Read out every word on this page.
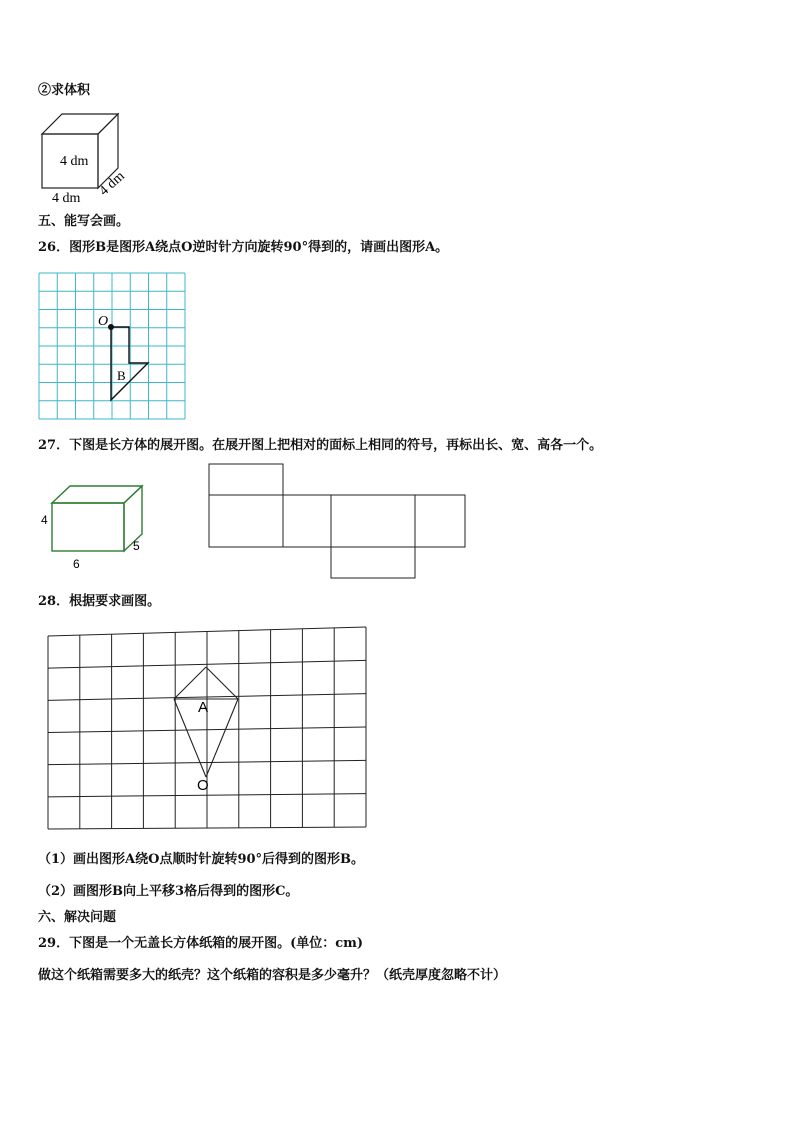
②求体积
4 dm
4 dm 4 dm
五、能写会画。
26．图形B是图形A绕点O逆时针方向旋转90°得到的，请画出图形A。
O
B
27．下图是长方体的展开图。在展开图上把相对的面标上相同的符号，再标出长、宽、高各一个。
4
6
5
28．根据要求画图。
A
O
（1）画出图形A绕O点顺时针旋转90°后得到的图形B。
（2）画图形B向上平移3格后得到的图形C。
六、解决问题
29．下图是一个无盖长方体纸箱的展开图。(单位：cm)
做这个纸箱需要多大的纸壳？这个纸箱的容积是多少毫升？（纸壳厚度忽略不计）
